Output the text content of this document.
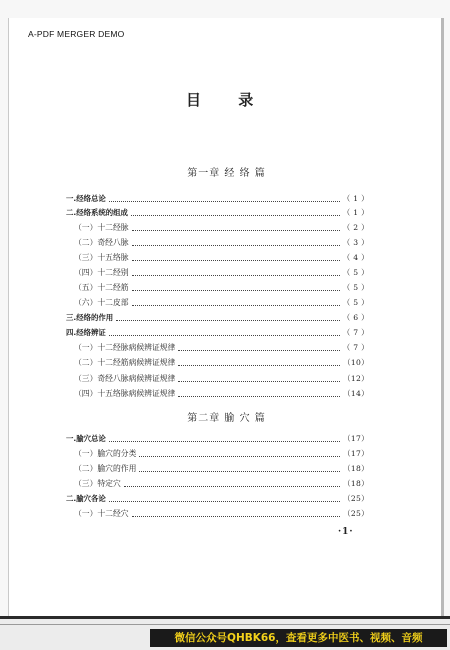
A-PDF MERGER DEMO
目 录
第一章 经 络 篇
一.经络总论	（ 1 ）
二.经络系统的组成	（ 1 ）
（一）十二经脉	（ 2 ）
（二）奇经八脉	（ 3 ）
（三）十五络脉	（ 4 ）
（四）十二经别	（ 5 ）
（五）十二经筋	（ 5 ）
（六）十二皮部	（ 5 ）
三.经络的作用	（ 6 ）
四.经络辨证	（ 7 ）
（一）十二经脉病候辨证规律	（ 7 ）
（二）十二经筋病候辨证规律	（10）
（三）奇经八脉病候辨证规律	（12）
（四）十五络脉病候辨证规律	（14）
第二章 腧 穴 篇
一.腧穴总论	（17）
（一）腧穴的分类	（17）
（二）腧穴的作用	（18）
（三）特定穴	（18）
二.腧穴各论	（25）
（一）十二经穴	（25）
·1·
微信公众号QHBK66，查看更多中医书、视频、音频
